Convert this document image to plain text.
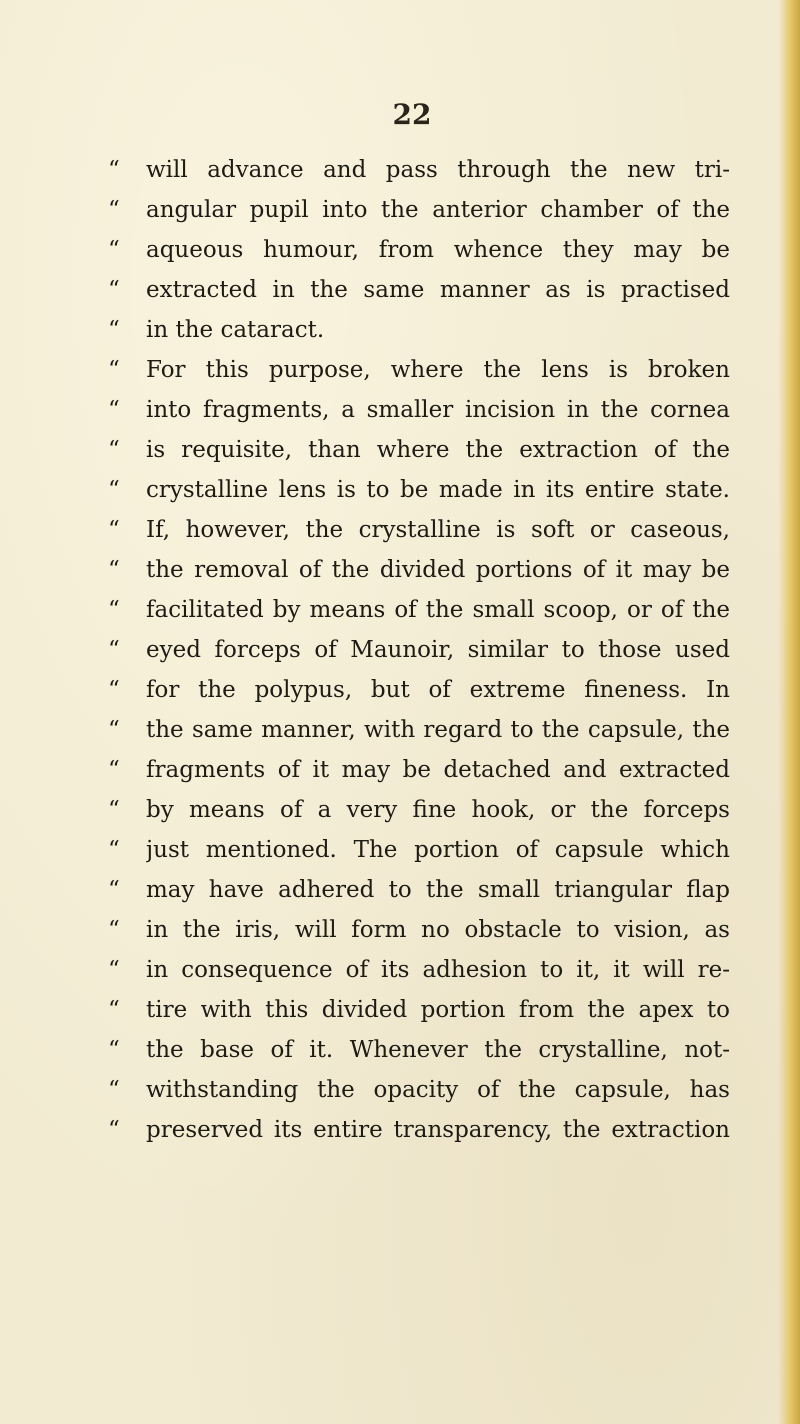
22
“	will advance and pass through the new tri-
“	angular pupil into the anterior chamber of the
“	aqueous humour, from whence they may be
“	extracted in the same manner as is practised
“	in the cataract.
“	For this purpose, where the lens is broken
“	into fragments, a smaller incision in the cornea
“	is requisite, than where the extraction of the
“	crystalline lens is to be made in its entire state.
“	If, however, the crystalline is soft or caseous,
“	the removal of the divided portions of it may be
“	facilitated by means of the small scoop, or of the
“	eyed forceps of Maunoir, similar to those used
“	for the polypus, but of extreme fineness. In
“	the same manner, with regard to the capsule, the
“	fragments of it may be detached and extracted
“	by means of a very fine hook, or the forceps
“	just mentioned. The portion of capsule which
“	may have adhered to the small triangular flap
“	in the iris, will form no obstacle to vision, as
“	in consequence of its adhesion to it, it will re-
“	tire with this divided portion from the apex to
“	the base of it. Whenever the crystalline, not-
“	withstanding the opacity of the capsule, has
“	preserved its entire transparency, the extraction
